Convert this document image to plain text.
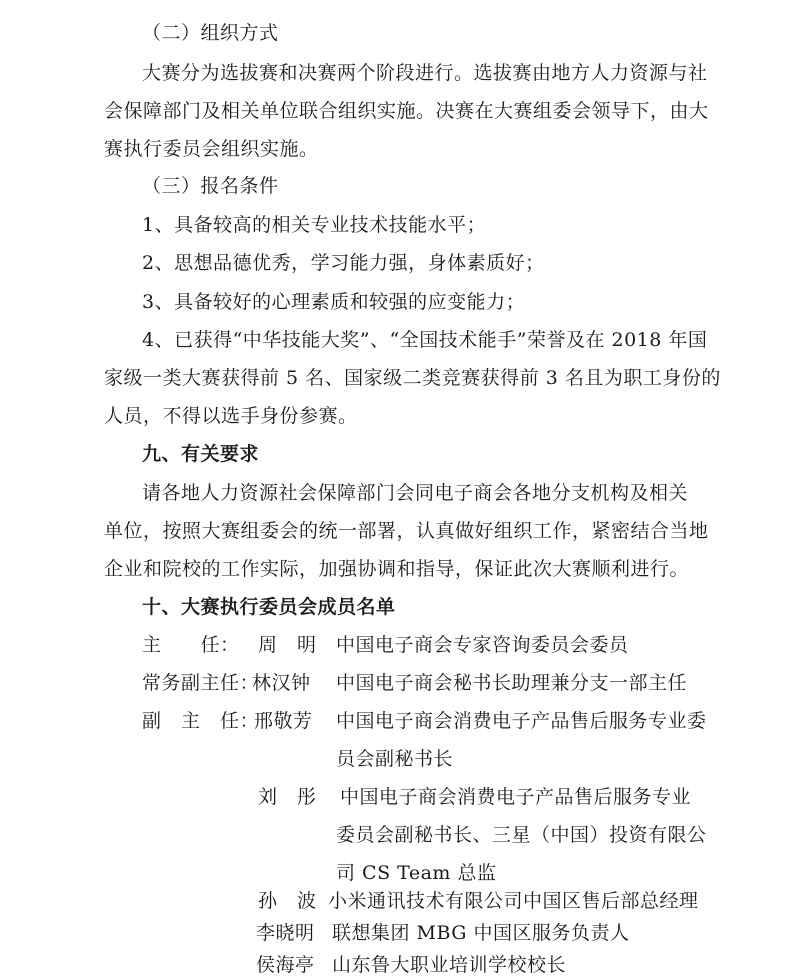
（二）组织方式
大赛分为选拔赛和决赛两个阶段进行。选拔赛由地方人力资源与社
会保障部门及相关单位联合组织实施。决赛在大赛组委会领导下，由大
赛执行委员会组织实施。
（三）报名条件
1、具备较高的相关专业技术技能水平；
2、思想品德优秀，学习能力强，身体素质好；
3、具备较好的心理素质和较强的应变能力；
4、已获得“中华技能大奖”、“全国技术能手”荣誉及在 2018 年国
家级一类大赛获得前 5 名、国家级二类竞赛获得前 3 名且为职工身份的
人员，不得以选手身份参赛。
九、有关要求
请各地人力资源社会保障部门会同电子商会各地分支机构及相关
单位，按照大赛组委会的统一部署，认真做好组织工作，紧密结合当地
企业和院校的工作实际，加强协调和指导，保证此次大赛顺利进行。
十、大赛执行委员会成员名单
主　　任： 周　明 中国电子商会专家咨询委员会委员
常务副主任：
林汉钟 中国电子商会秘书长助理兼分支一部主任
副　主　任：
邢敬芳 中国电子商会消费电子产品售后服务专业委
员会副秘书长
刘　彤 中国电子商会消费电子产品售后服务专业
委员会副秘书长、三星（中国）投资有限公
司 CS Team 总监
孙　波 小米通讯技术有限公司中国区售后部总经理
李晓明 联想集团 MBG 中国区服务负责人
侯海亭 山东鲁大职业培训学校校长
